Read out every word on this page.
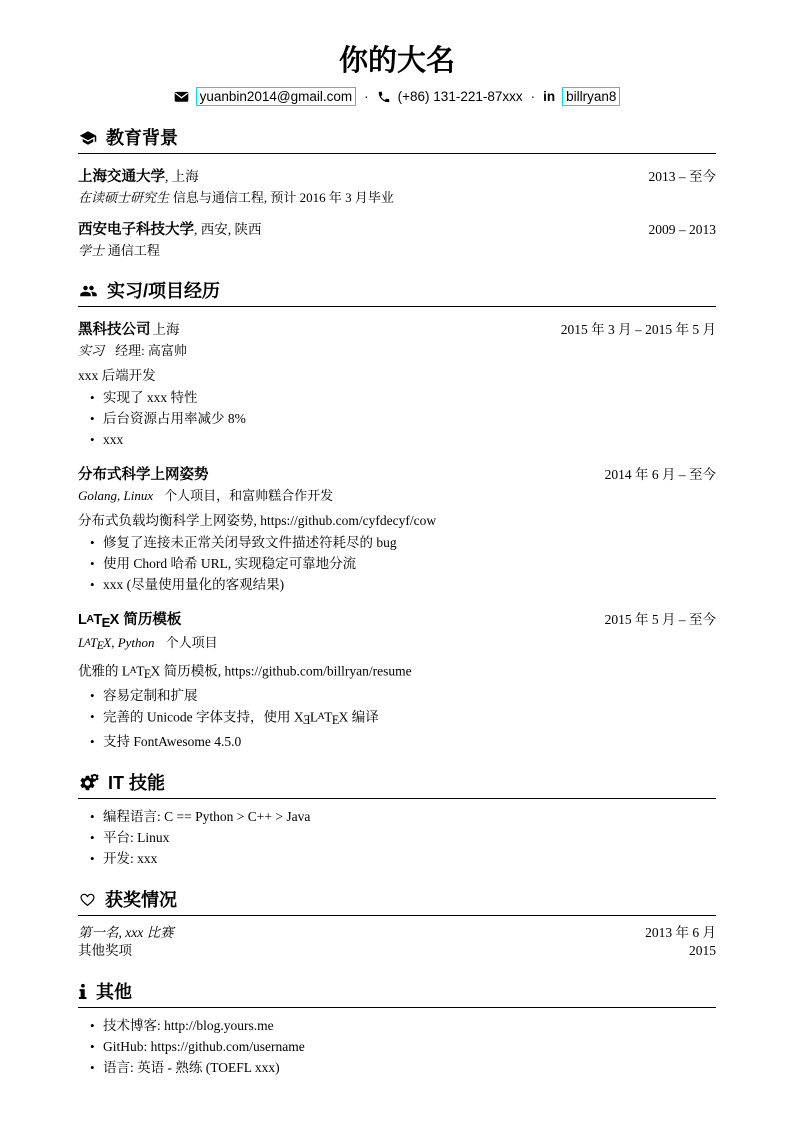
你的大名
yuanbin2014@gmail.com · (+86) 131-221-87xxx · in billryan8
教育背景
上海交通大学, 上海	2013 – 至今
在读硕士研究生 信息与通信工程, 预计 2016 年 3 月毕业
西安电子科技大学, 西安, 陕西	2009 – 2013
学士 通信工程
实习/项目经历
黑科技公司 上海	2015 年 3 月 – 2015 年 5 月
实习 经理: 高富帅
xxx 后端开发
• 实现了 xxx 特性
• 后台资源占用率减少 8%
• xxx
分布式科学上网姿势	2014 年 6 月 – 至今
Golang, Linux 个人项目，和富帅糕合作开发
分布式负载均衡科学上网姿势, https://github.com/cyfdecyf/cow
• 修复了连接未正常关闭导致文件描述符耗尽的 bug
• 使用 Chord 哈希 URL, 实现稳定可靠地分流
• xxx (尽量使用量化的客观结果)
LATEX 简历模板	2015 年 5 月 – 至今
LATEX, Python 个人项目
优雅的 LATEX 简历模板, https://github.com/billryan/resume
• 容易定制和扩展
• 完善的 Unicode 字体支持，使用 XƎLATEX 编译
• 支持 FontAwesome 4.5.0
IT 技能
• 编程语言: C == Python > C++ > Java
• 平台: Linux
• 开发: xxx
获奖情况
第一名, xxx 比赛	2013 年 6 月
其他奖项	2015
其他
• 技术博客: http://blog.yours.me
• GitHub: https://github.com/username
• 语言: 英语 - 熟练 (TOEFL xxx)
